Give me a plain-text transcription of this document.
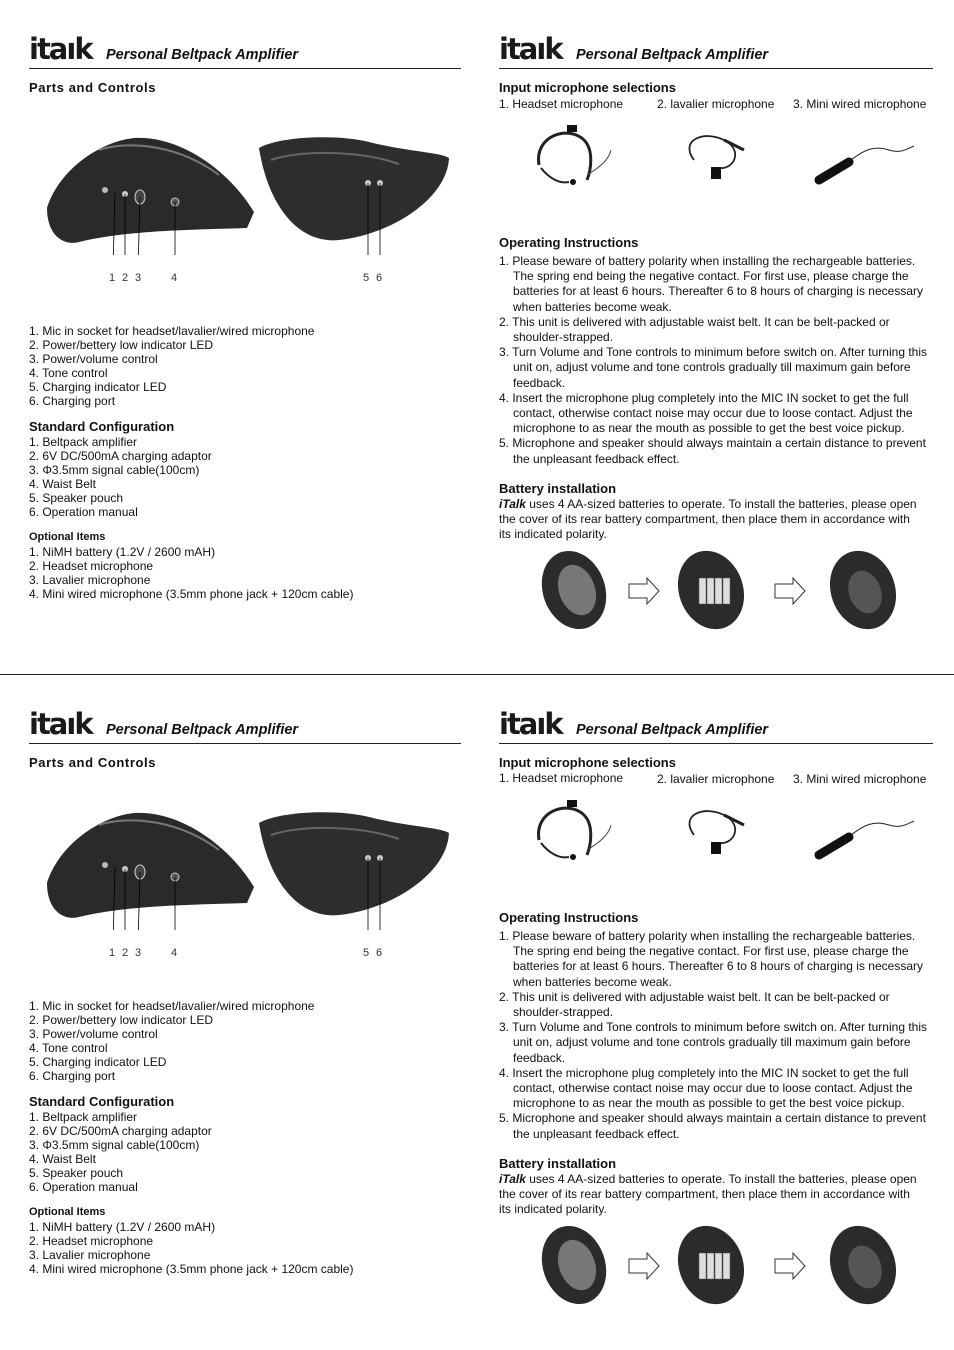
itaık Personal Beltpack Amplifier
Parts and Controls
1 2 3	4	5 6
1. Mic in socket for headset/lavalier/wired microphone
2. Power/bettery low indicator LED
3. Power/volume control
4. Tone control
5. Charging indicator LED
6. Charging port
Standard Configuration
1. Beltpack amplifier
2. 6V DC/500mA charging adaptor
3. Φ3.5mm signal cable(100cm)
4. Waist Belt
5. Speaker pouch
6. Operation manual
Optional Items
1. NiMH battery (1.2V / 2600 mAH)
2. Headset microphone
3. Lavalier microphone
4. Mini wired microphone (3.5mm phone jack + 120cm cable)
itaık Personal Beltpack Amplifier
Input microphone selections
1. Headset microphone	2. lavalier microphone 3. Mini wired microphone
Operating Instructions
1. Please beware of battery polarity when installing the rechargeable batteries. The spring end being the negative contact. For first use, please charge the batteries for at least 6 hours. Thereafter 6 to 8 hours of charging is necessary when batteries become weak.
2. This unit is delivered with adjustable waist belt. It can be belt-packed or shoulder-strapped.
3. Turn Volume and Tone controls to minimum before switch on. After turning this unit on, adjust volume and tone controls gradually till maximum gain before feedback.
4. Insert the microphone plug completely into the MIC IN socket to get the full contact, otherwise contact noise may occur due to loose contact. Adjust the microphone to as near the mouth as possible to get the best voice pickup.
5. Microphone and speaker should always maintain a certain distance to prevent the unpleasant feedback effect.
Battery installation
iTalk uses 4 AA-sized batteries to operate. To install the batteries, please open the cover of its rear battery compartment, then place them in accordance with its indicated polarity.
itaık Personal Beltpack Amplifier
Parts and Controls
1 2 3	4	5 6
1. Mic in socket for headset/lavalier/wired microphone
2. Power/bettery low indicator LED
3. Power/volume control
4. Tone control
5. Charging indicator LED
6. Charging port
Standard Configuration
1. Beltpack amplifier
2. 6V DC/500mA charging adaptor
3. Φ3.5mm signal cable(100cm)
4. Waist Belt
5. Speaker pouch
6. Operation manual
Optional Items
1. NiMH battery (1.2V / 2600 mAH)
2. Headset microphone
3. Lavalier microphone
4. Mini wired microphone (3.5mm phone jack + 120cm cable)
itaık Personal Beltpack Amplifier
Input microphone selections
1. Headset microphone	2. lavalier microphone 3. Mini wired microphone
Operating Instructions
1. Please beware of battery polarity when installing the rechargeable batteries. The spring end being the negative contact. For first use, please charge the batteries for at least 6 hours. Thereafter 6 to 8 hours of charging is necessary when batteries become weak.
2. This unit is delivered with adjustable waist belt. It can be belt-packed or shoulder-strapped.
3. Turn Volume and Tone controls to minimum before switch on. After turning this unit on, adjust volume and tone controls gradually till maximum gain before feedback.
4. Insert the microphone plug completely into the MIC IN socket to get the full contact, otherwise contact noise may occur due to loose contact. Adjust the microphone to as near the mouth as possible to get the best voice pickup.
5. Microphone and speaker should always maintain a certain distance to prevent the unpleasant feedback effect.
Battery installation
iTalk uses 4 AA-sized batteries to operate. To install the batteries, please open the cover of its rear battery compartment, then place them in accordance with its indicated polarity.
